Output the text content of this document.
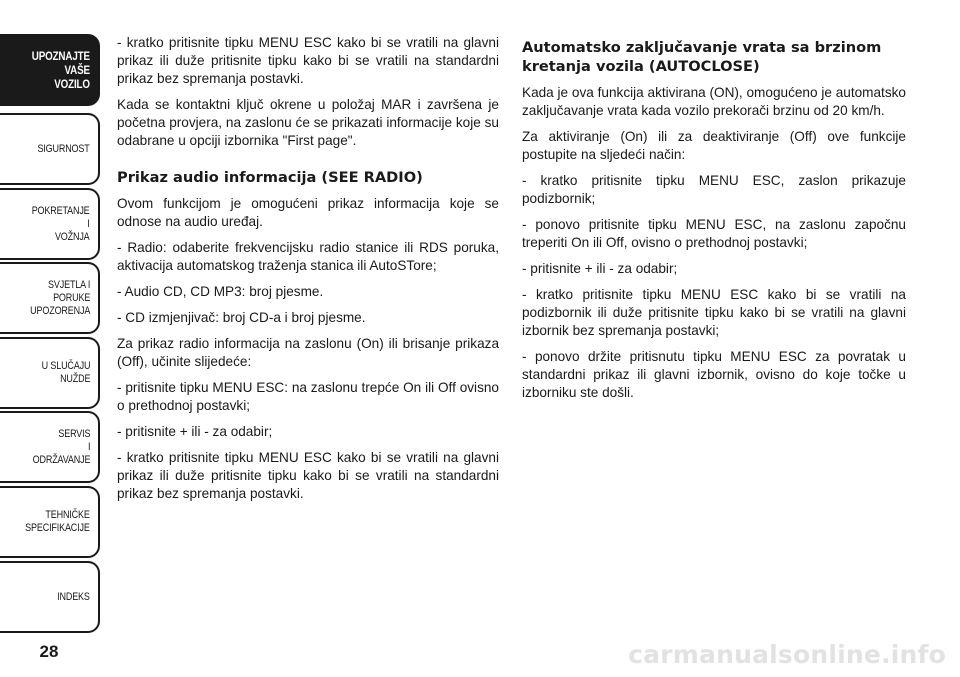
UPOZNAJTE
VAŠE
VOZILO
SIGURNOST
POKRETANJE
I
VOŽNJA
SVJETLA I
PORUKE
UPOZORENJA
U SLUČAJU
NUŽDE
SERVIS
I
ODRŽAVANJE
TEHNIČKE
SPECIFIKACIJE
INDEKS
28

- kratko pritisnite tipku MENU ESC kako bi se vratili na glavni prikaz ili duže pritisnite tipku kako bi se vratili na standardni prikaz bez spremanja postavki.

Kada se kontaktni ključ okrene u položaj MAR i završena je početna provjera, na zaslonu će se prikazati informacije koje su odabrane u opciji izbornika "First page".

Prikaz audio informacija (SEE RADIO)

Ovom funkcijom je omogućeni prikaz informacija koje se odnose na audio uređaj.

- Radio: odaberite frekvencijsku radio stanice ili RDS poruka, aktivacija automatskog traženja stanica ili AutoSTore;

- Audio CD, CD MP3: broj pjesme.

- CD izmjenjivač: broj CD-a i broj pjesme.

Za prikaz radio informacija na zaslonu (On) ili brisanje prikaza (Off), učinite slijedeće:

- pritisnite tipku MENU ESC: na zaslonu trepće On ili Off ovisno o prethodnoj postavki;

- pritisnite + ili - za odabir;

- kratko pritisnite tipku MENU ESC kako bi se vratili na glavni prikaz ili duže pritisnite tipku kako bi se vratili na standardni prikaz bez spremanja postavki.

Automatsko zaključavanje vrata sa brzinom kretanja vozila (AUTOCLOSE)

Kada je ova funkcija aktivirana (ON), omogućeno je automatsko zaključavanje vrata kada vozilo prekorači brzinu od 20 km/h.

Za aktiviranje (On) ili za deaktiviranje (Off) ove funkcije postupite na sljedeći način:

- kratko pritisnite tipku MENU ESC, zaslon prikazuje podizbornik;

- ponovo pritisnite tipku MENU ESC, na zaslonu započnu treperiti On ili Off, ovisno o prethodnoj postavki;

- pritisnite + ili - za odabir;

- kratko pritisnite tipku MENU ESC kako bi se vratili na podizbornik ili duže pritisnite tipku kako bi se vratili na glavni izbornik bez spremanja postavki;

- ponovo držite pritisnutu tipku MENU ESC za povratak u standardni prikaz ili glavni izbornik, ovisno do koje točke u izborniku ste došli.

carmanualsonline.info
